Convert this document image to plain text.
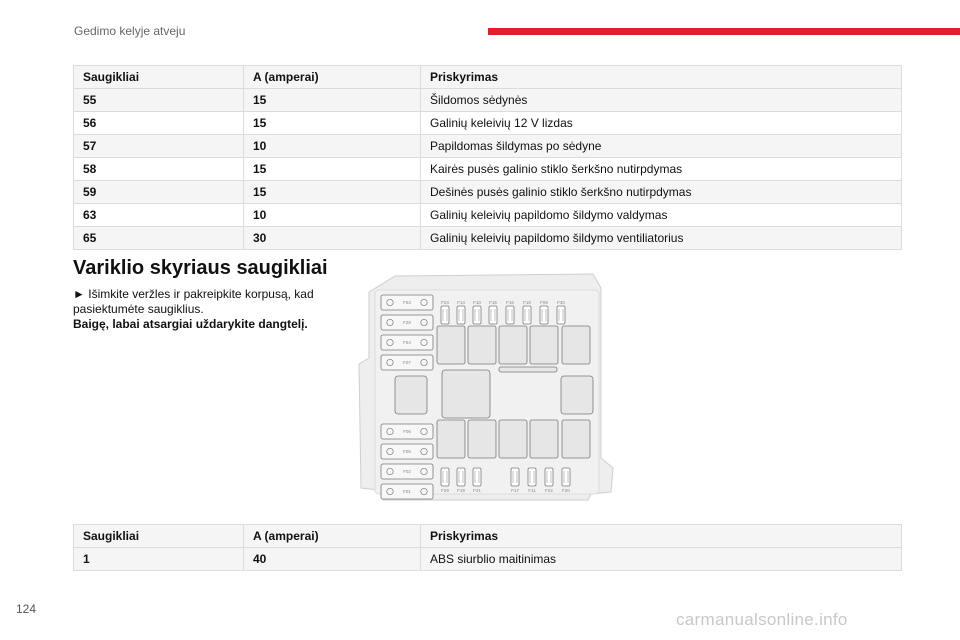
Gedimo kelyje atveju
Saugikliai	A (amperai)	Priskyrimas
55	15	Šildomos sėdynės
56	15	Galinių keleivių 12 V lizdas
57	10	Papildomas šildymas po sėdyne
58	15	Kairės pusės galinio stiklo šerkšno nutirpdymas
59	15	Dešinės pusės galinio stiklo šerkšno nutirpdymas
63	10	Galinių keleivių papildomo šildymo valdymas
65	30	Galinių keleivių papildomo šildymo ventiliatorius
Variklio skyriaus saugikliai

► Išimkite veržles ir pakreipkite korpusą, kad pasiektumėte saugiklius.
Baigę, labai atsargiai uždarykite dangtelį.

F53
F28
F54
F07
F06
F05
F02
F01
F24 F14 F10 F15 F16 F18 F09 F30
F29 F19 F21	F17 F11 F22 F20
Saugikliai	A (amperai)	Priskyrimas
1	40	ABS siurblio maitinimas
124
carmanualsonline.info
